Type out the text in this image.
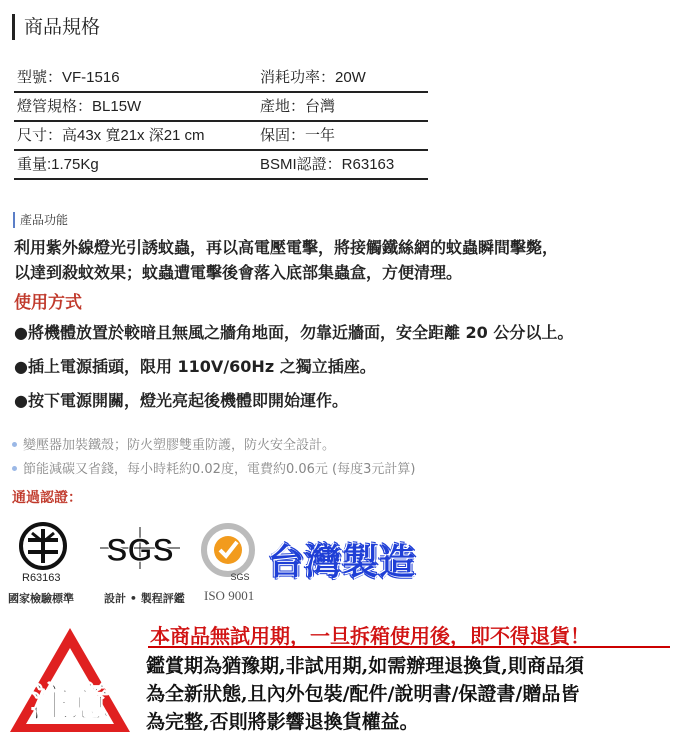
商品規格
型號：VF-1516	消耗功率：20W
燈管規格：BL15W	產地：台灣
尺寸：高43x 寬21x 深21 cm	保固：一年
重量:1.75Kg	BSMI認證：R63163
產品功能
利用紫外線燈光引誘蚊蟲，再以高電壓電擊，將接觸鐵絲網的蚊蟲瞬間擊斃，
以達到殺蚊效果；蚊蟲遭電擊後會落入底部集蟲盒，方便清理。
使用方式
●將機體放置於較暗且無風之牆角地面，勿靠近牆面，安全距離 20 公分以上。
●插上電源插頭，限用 110V/60Hz 之獨立插座。
●按下電源開關，燈光亮起後機體即開始運作。
變壓器加裝鐵殼；防火塑膠雙重防護，防火安全設計。
節能減碳又省錢，每小時耗約0.02度，電費約0.06元 (每度3元計算)
通過認證：
R63163
國家檢驗標準
SGS
設計 • 製程評鑑
SGS
ISO 9001
台灣製造
注意
本商品無試用期，一旦拆箱使用後，即不得退貨！
鑑賞期為猶豫期,非試用期,如需辦理退換貨,則商品須
為全新狀態,且內外包裝/配件/說明書/保證書/贈品皆
為完整,否則將影響退換貨權益。
